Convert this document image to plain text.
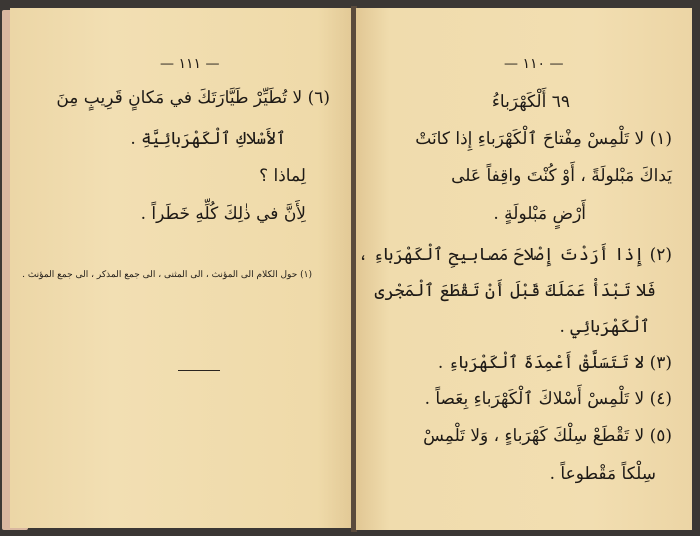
— ١١١ —
(٦) لا تُطَيِّرْ طَيَّارَتَكَ في مَكانٍ قَرِيبٍ مِنَ
ٱلأَسْلاكِ ٱلْكَهْرَبائِيَّةِ .
لِماذا ؟
لِأَنَّ في ذٰلِكَ كُلِّهِ خَطَراً .
(١) حول الكلام الى المؤنث ، الى المثنى ، الى جمع المذكر ، الى جمع المؤنث .
— ١١٠ —
٦٩ أَلْكَهْرَباءُ
(١) لا تَلْمِسْ مِفْتاحَ ٱلْكَهْرَباءِ إِذا كانَتْ
يَداكَ مَبْلولَةً ، أَوْ كُنْتَ واقِفاً عَلى
أَرْضٍ مَبْلولَةٍ .
(٢) إِذا أَرَدْتَ إِصْلاحَ مَصابيحِ ٱلْكَهْرَباءِ ،
فَلا تَبْدَأْ عَمَلَكَ قَبْلَ أَنْ تَقْطَعَ ٱلْمَجْرى
ٱلْكَهْرَبائِي .
(٣) لا تَتَسَلَّقْ أَعْمِدَةَ ٱلْكَهْرَباءِ .
(٤) لا تَلْمِسْ أَسْلاكَ ٱلْكَهْرَباءِ بِعَصاً .
(٥) لا تَقْطَعْ سِلْكَ كَهْرَباءٍ ، وَلا تَلْمِسْ
سِلْكاً مَقْطوعاً .
